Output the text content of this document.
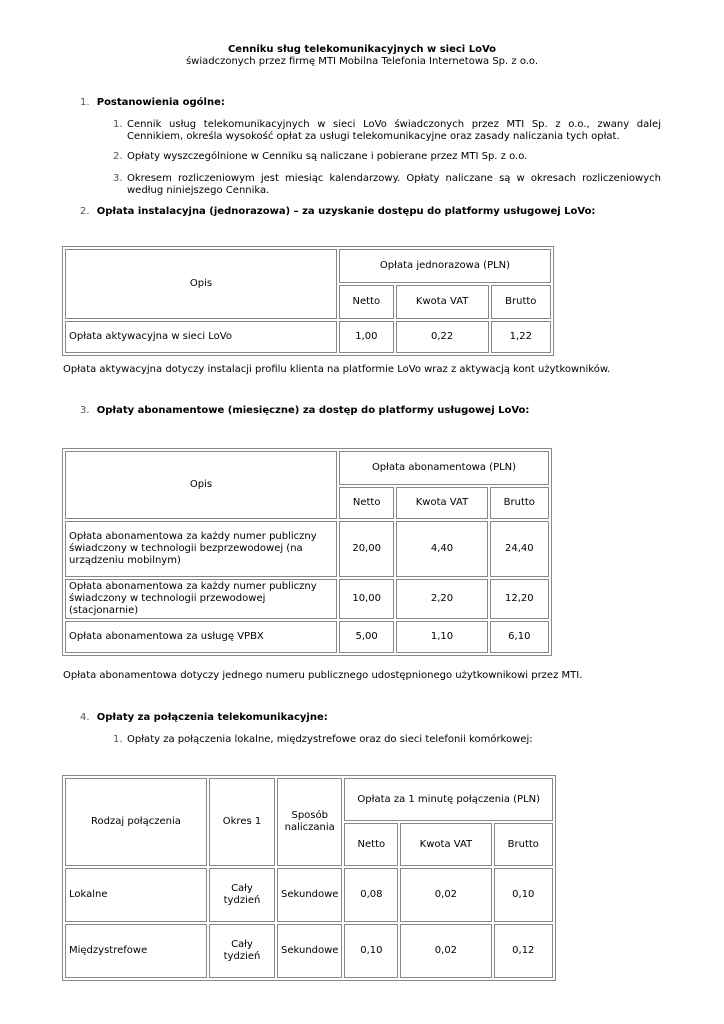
Cenniku sług telekomunikacyjnych w sieci LoVo
świadczonych przez firmę MTI Mobilna Telefonia Internetowa Sp. z o.o.
1. Postanowienia ogólne:
1. Cennik usług telekomunikacyjnych w sieci LoVo świadczonych przez MTI Sp. z o.o., zwany dalej Cennikiem, określa wysokość opłat za usługi telekomunikacyjne oraz zasady naliczania tych opłat.
2. Opłaty wyszczególnione w Cenniku są naliczane i pobierane przez MTI Sp. z o.o.
3. Okresem rozliczeniowym jest miesiąc kalendarzowy. Opłaty naliczane są w okresach rozliczeniowych według niniejszego Cennika.
2. Opłata instalacyjna (jednorazowa) – za uzyskanie dostępu do platformy usługowej LoVo:
Opis	Opłata jednorazowa (PLN)		
	Netto	Kwota VAT	Brutto
Opłata aktywacyjna w sieci LoVo	1,00	0,22	1,22
Opłata aktywacyjna dotyczy instalacji profilu klienta na platformie LoVo wraz z aktywacją kont użytkowników.
3. Opłaty abonamentowe (miesięczne) za dostęp do platformy usługowej LoVo:
Opis	Opłata abonamentowa (PLN)		
	Netto	Kwota VAT	Brutto
Opłata abonamentowa za każdy numer publiczny świadczony w technologii bezprzewodowej (na urządzeniu mobilnym)	20,00	4,40	24,40
Opłata abonamentowa za każdy numer publiczny świadczony w technologii przewodowej (stacjonarnie)	10,00	2,20	12,20
Opłata abonamentowa za usługę VPBX	5,00	1,10	6,10
Opłata abonamentowa dotyczy jednego numeru publicznego udostępnionego użytkownikowi przez MTI.
4. Opłaty za połączenia telekomunikacyjne:
1. Opłaty za połączenia lokalne, międzystrefowe oraz do sieci telefonii komórkowej:
Rodzaj połączenia	Okres 1	Sposób naliczania	Opłata za 1 minutę połączenia (PLN)		
			Netto	Kwota VAT	Brutto
Lokalne	Cały tydzień	Sekundowe	0,08	0,02	0,10
Międzystrefowe	Cały tydzień	Sekundowe	0,10	0,02	0,12
